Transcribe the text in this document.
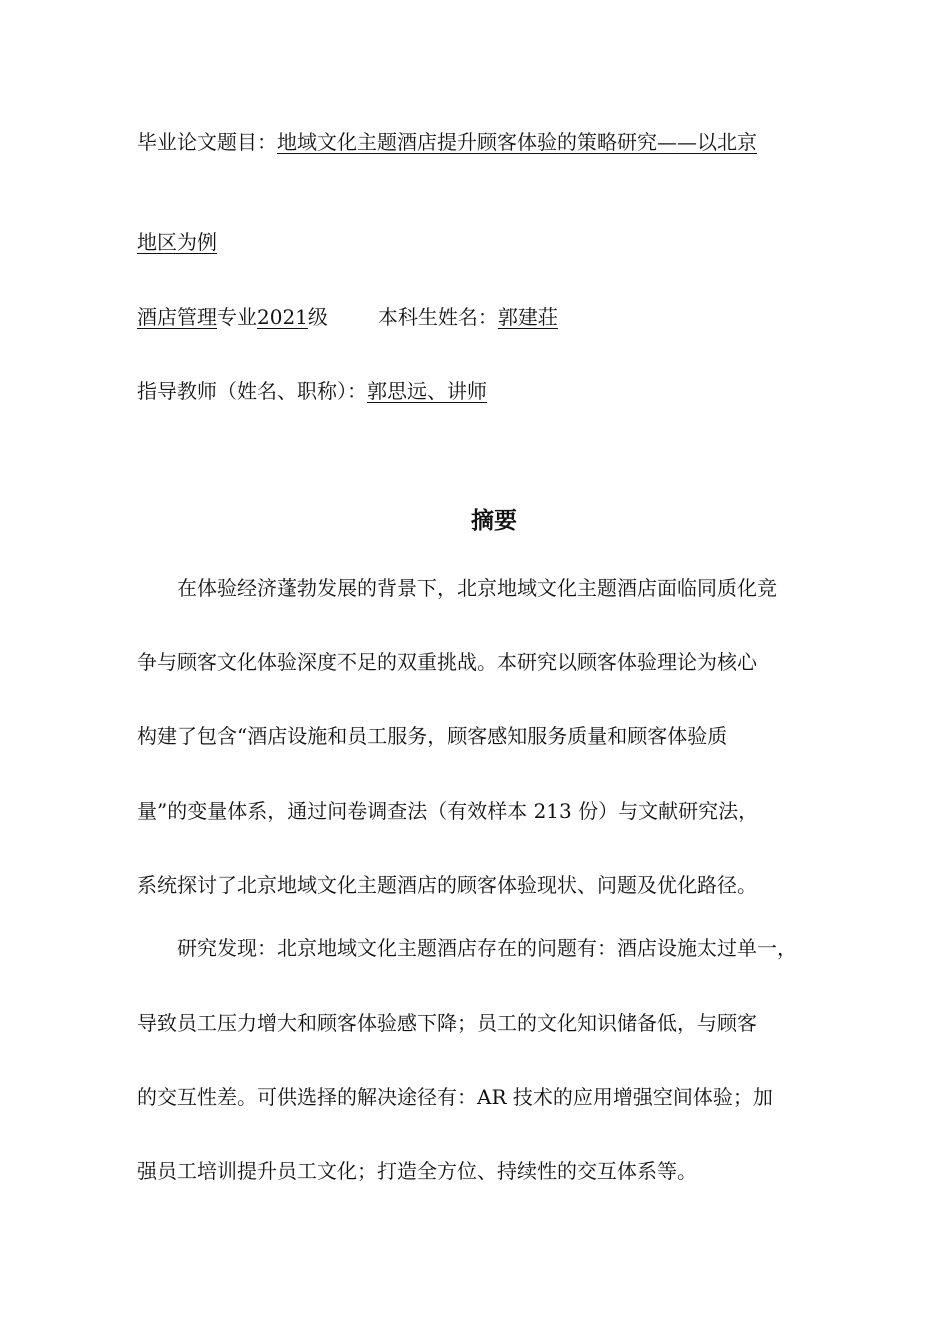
毕业论文题目：地域文化主题酒店提升顾客体验的策略研究——以北京
地区为例
酒店管理专业2021级	本科生姓名：郭建荘
指导教师（姓名、职称）：郭思远、讲师
摘要
在体验经济蓬勃发展的背景下，北京地域文化主题酒店面临同质化竞
争与顾客文化体验深度不足的双重挑战。本研究以顾客体验理论为核心
构建了包含“酒店设施和员工服务，顾客感知服务质量和顾客体验质
量”的变量体系，通过问卷调查法（有效样本 213 份）与文献研究法，
系统探讨了北京地域文化主题酒店的顾客体验现状、问题及优化路径。
研究发现：北京地域文化主题酒店存在的问题有：酒店设施太过单一，
导致员工压力增大和顾客体验感下降；员工的文化知识储备低，与顾客
的交互性差。可供选择的解决途径有：AR 技术的应用增强空间体验；加
强员工培训提升员工文化；打造全方位、持续性的交互体系等。
